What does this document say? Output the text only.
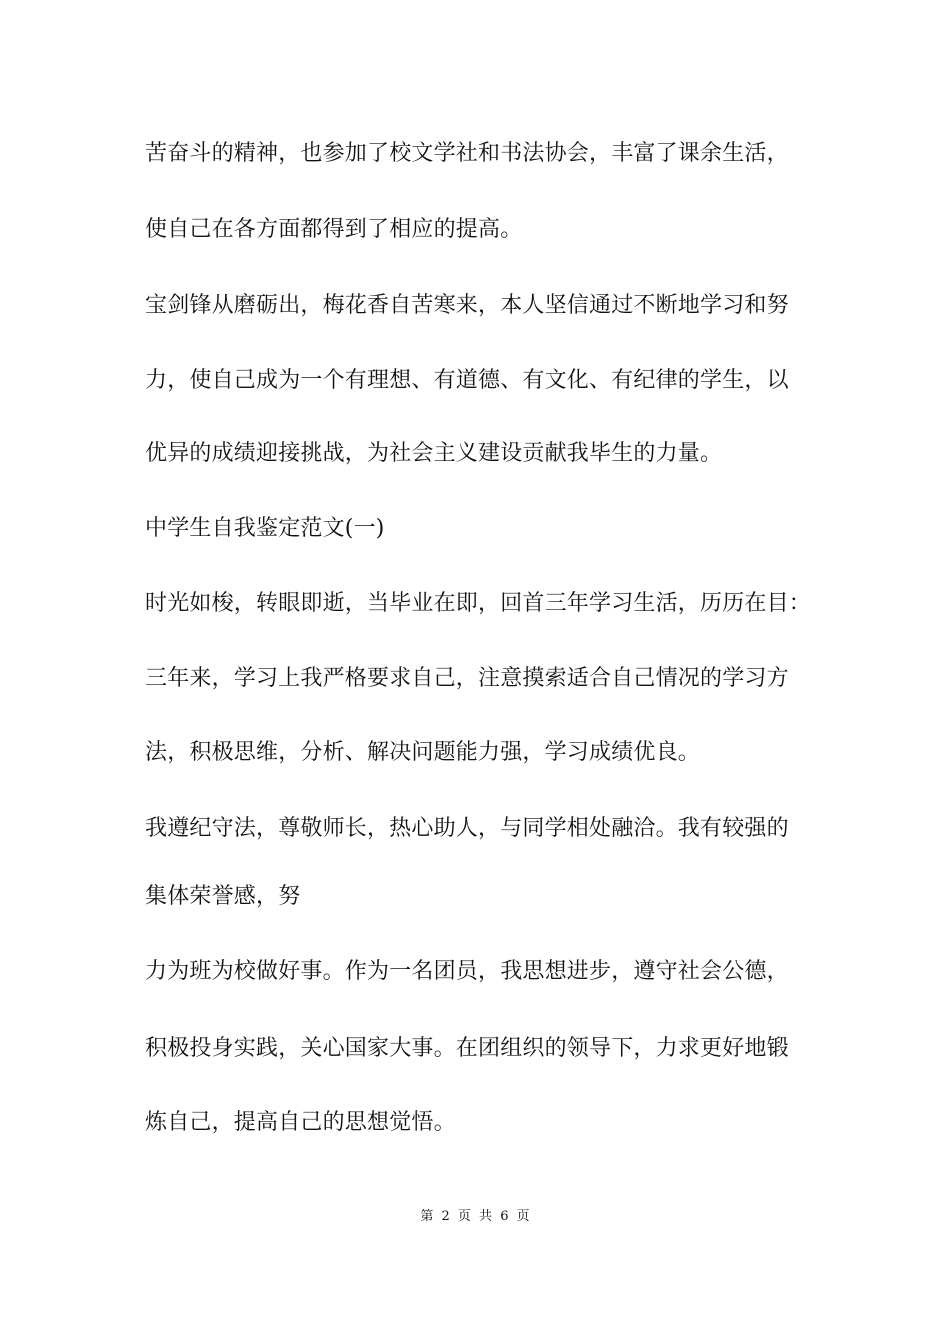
苦奋斗的精神，也参加了校文学社和书法协会，丰富了课余生活，
使自己在各方面都得到了相应的提高。
宝剑锋从磨砺出，梅花香自苦寒来，本人坚信通过不断地学习和努
力，使自己成为一个有理想、有道德、有文化、有纪律的学生，以
优异的成绩迎接挑战，为社会主义建设贡献我毕生的力量。
中学生自我鉴定范文(一)
时光如梭，转眼即逝，当毕业在即，回首三年学习生活，历历在目：
三年来，学习上我严格要求自己，注意摸索适合自己情况的学习方
法，积极思维，分析、解决问题能力强，学习成绩优良。
我遵纪守法，尊敬师长，热心助人，与同学相处融洽。我有较强的
集体荣誉感，努
力为班为校做好事。作为一名团员，我思想进步，遵守社会公德，
积极投身实践，关心国家大事。在团组织的领导下，力求更好地锻
炼自己，提高自己的思想觉悟。
第 2 页 共 6 页
